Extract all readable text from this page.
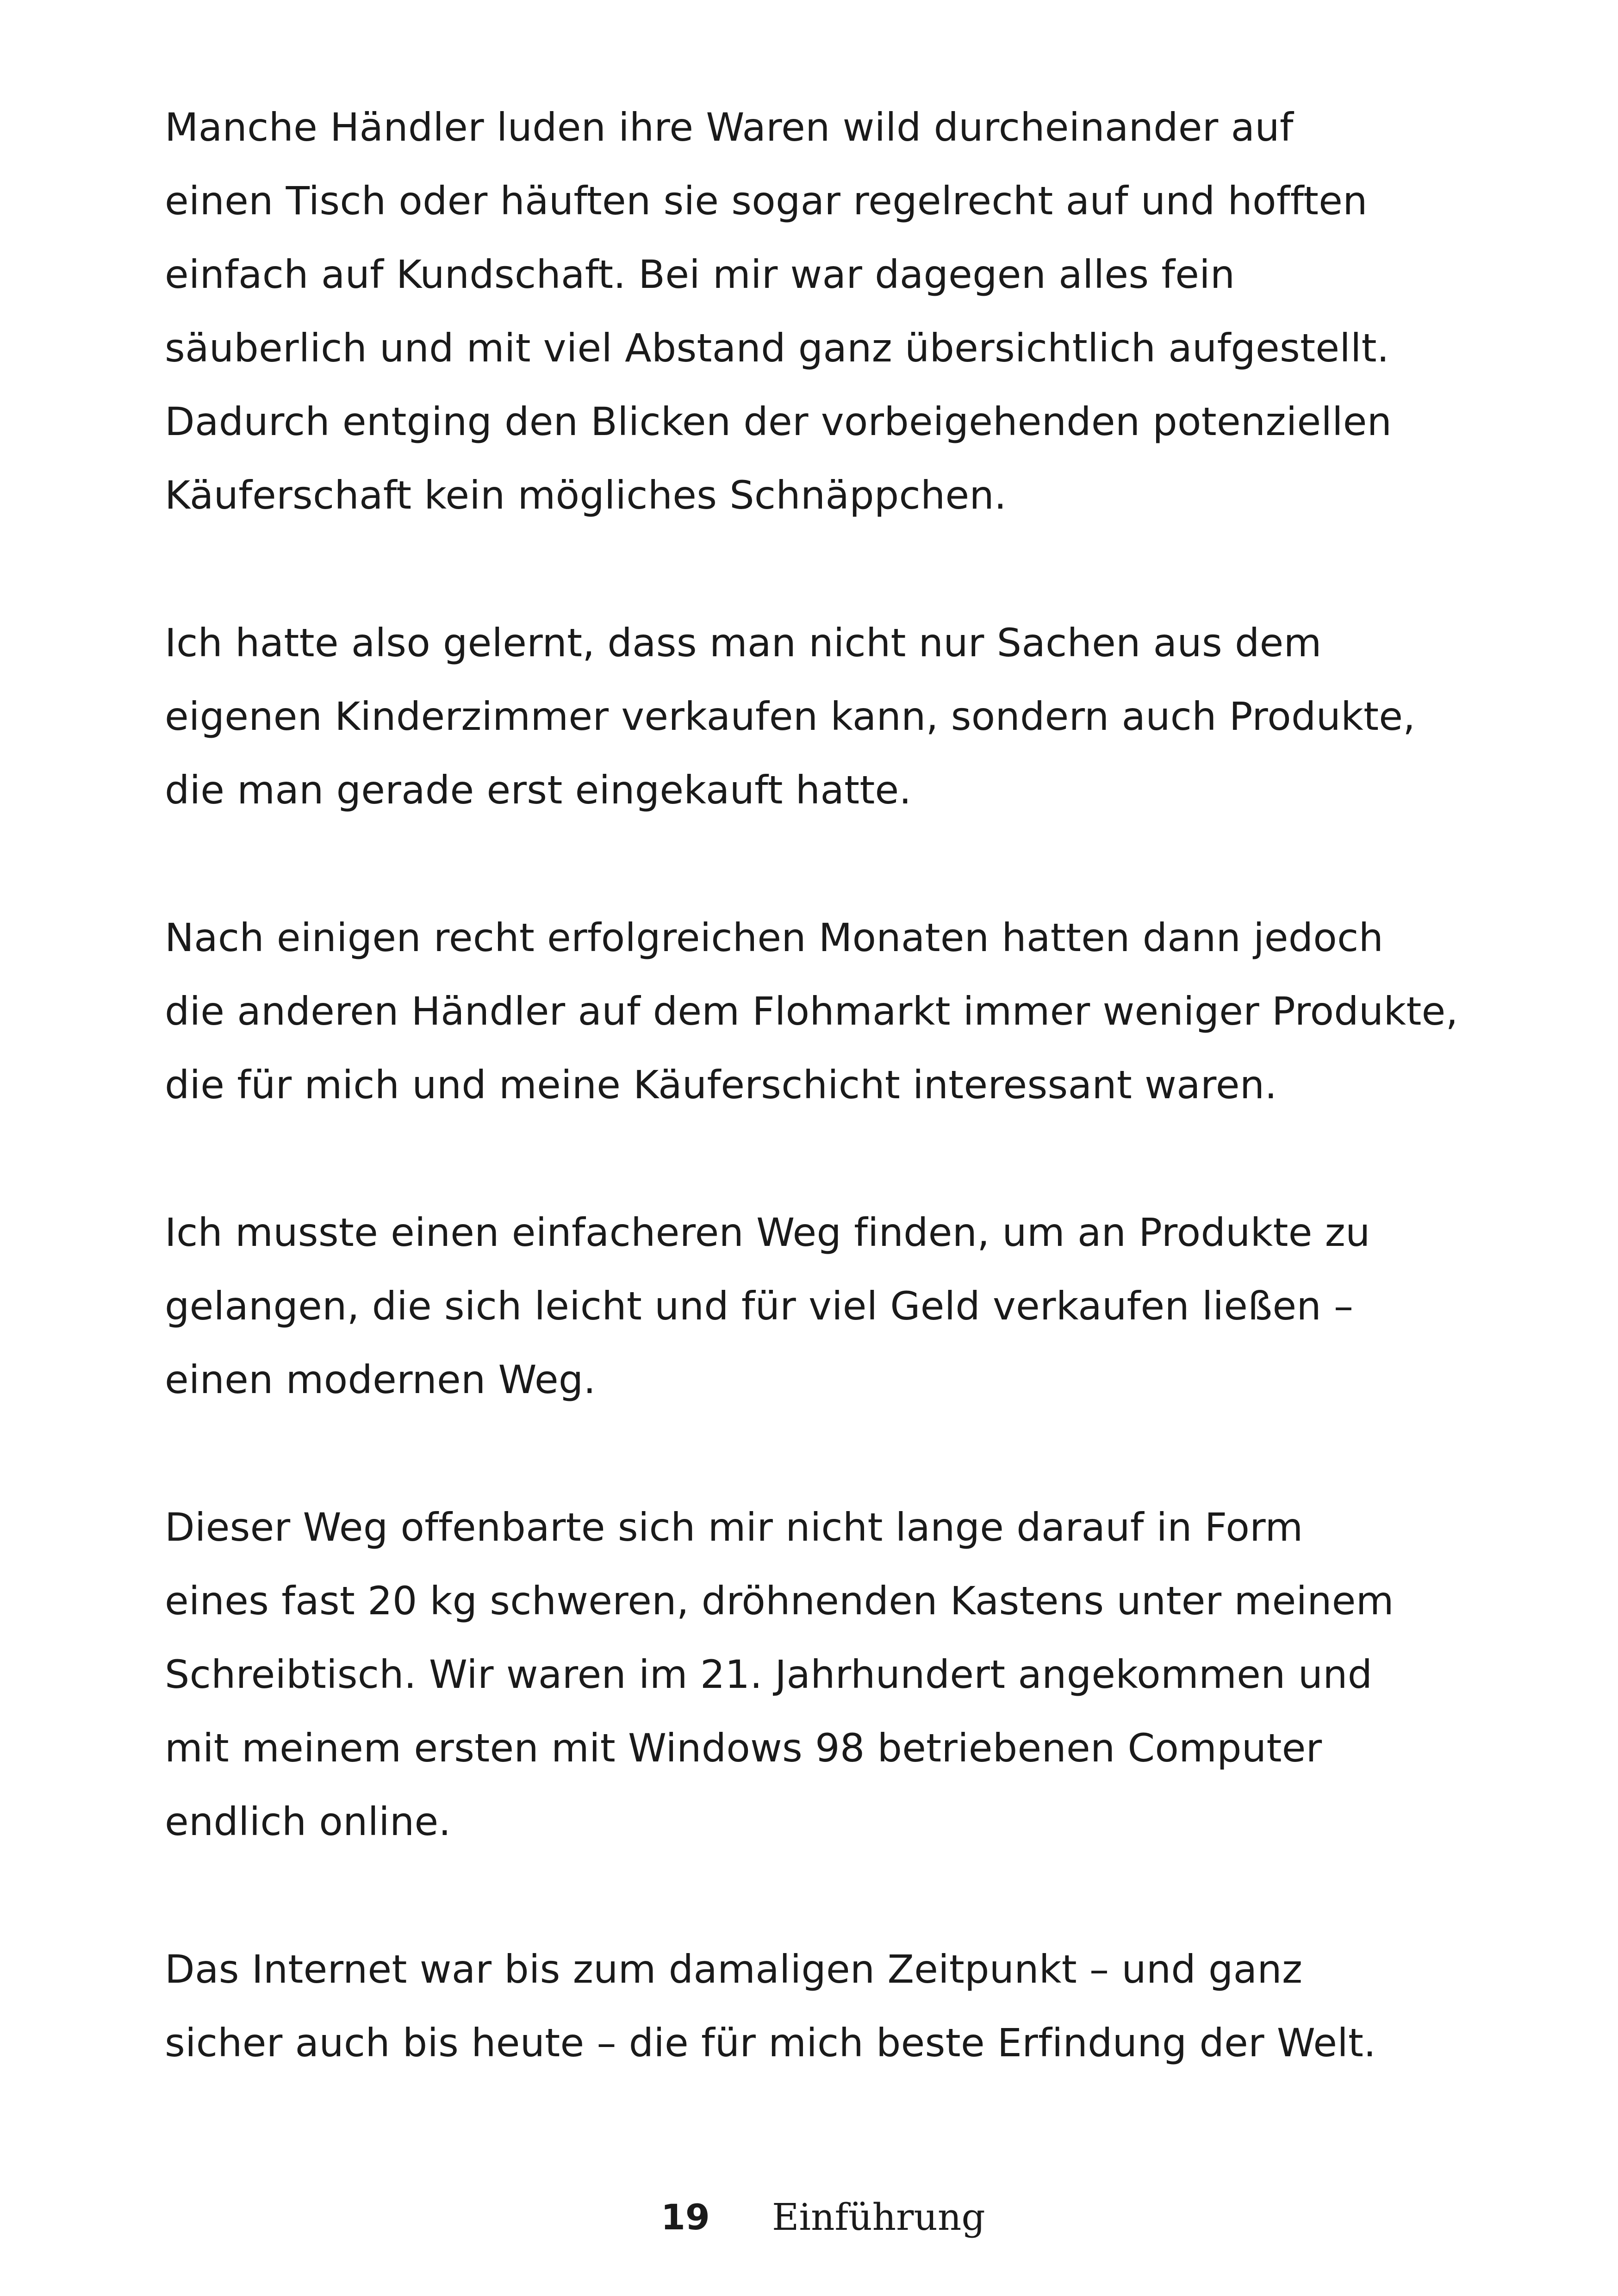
Manche Händler luden ihre Waren wild durcheinander auf
einen Tisch oder häuften sie sogar regelrecht auf und hofften
einfach auf Kundschaft. Bei mir war dagegen alles fein
säuberlich und mit viel Abstand ganz übersichtlich aufgestellt.
Dadurch entging den Blicken der vorbeigehenden potenziellen
Käuferschaft kein mögliches Schnäppchen.

Ich hatte also gelernt, dass man nicht nur Sachen aus dem
eigenen Kinderzimmer verkaufen kann, sondern auch Produkte,
die man gerade erst eingekauft hatte.

Nach einigen recht erfolgreichen Monaten hatten dann jedoch
die anderen Händler auf dem Flohmarkt immer weniger Produkte,
die für mich und meine Käuferschicht interessant waren.

Ich musste einen einfacheren Weg finden, um an Produkte zu
gelangen, die sich leicht und für viel Geld verkaufen ließen –
einen modernen Weg.

Dieser Weg offenbarte sich mir nicht lange darauf in Form
eines fast 20 kg schweren, dröhnenden Kastens unter meinem
Schreibtisch. Wir waren im 21. Jahrhundert angekommen und
mit meinem ersten mit Windows 98 betriebenen Computer
endlich online.

Das Internet war bis zum damaligen Zeitpunkt – und ganz
sicher auch bis heute – die für mich beste Erfindung der Welt.

19 Einführung
